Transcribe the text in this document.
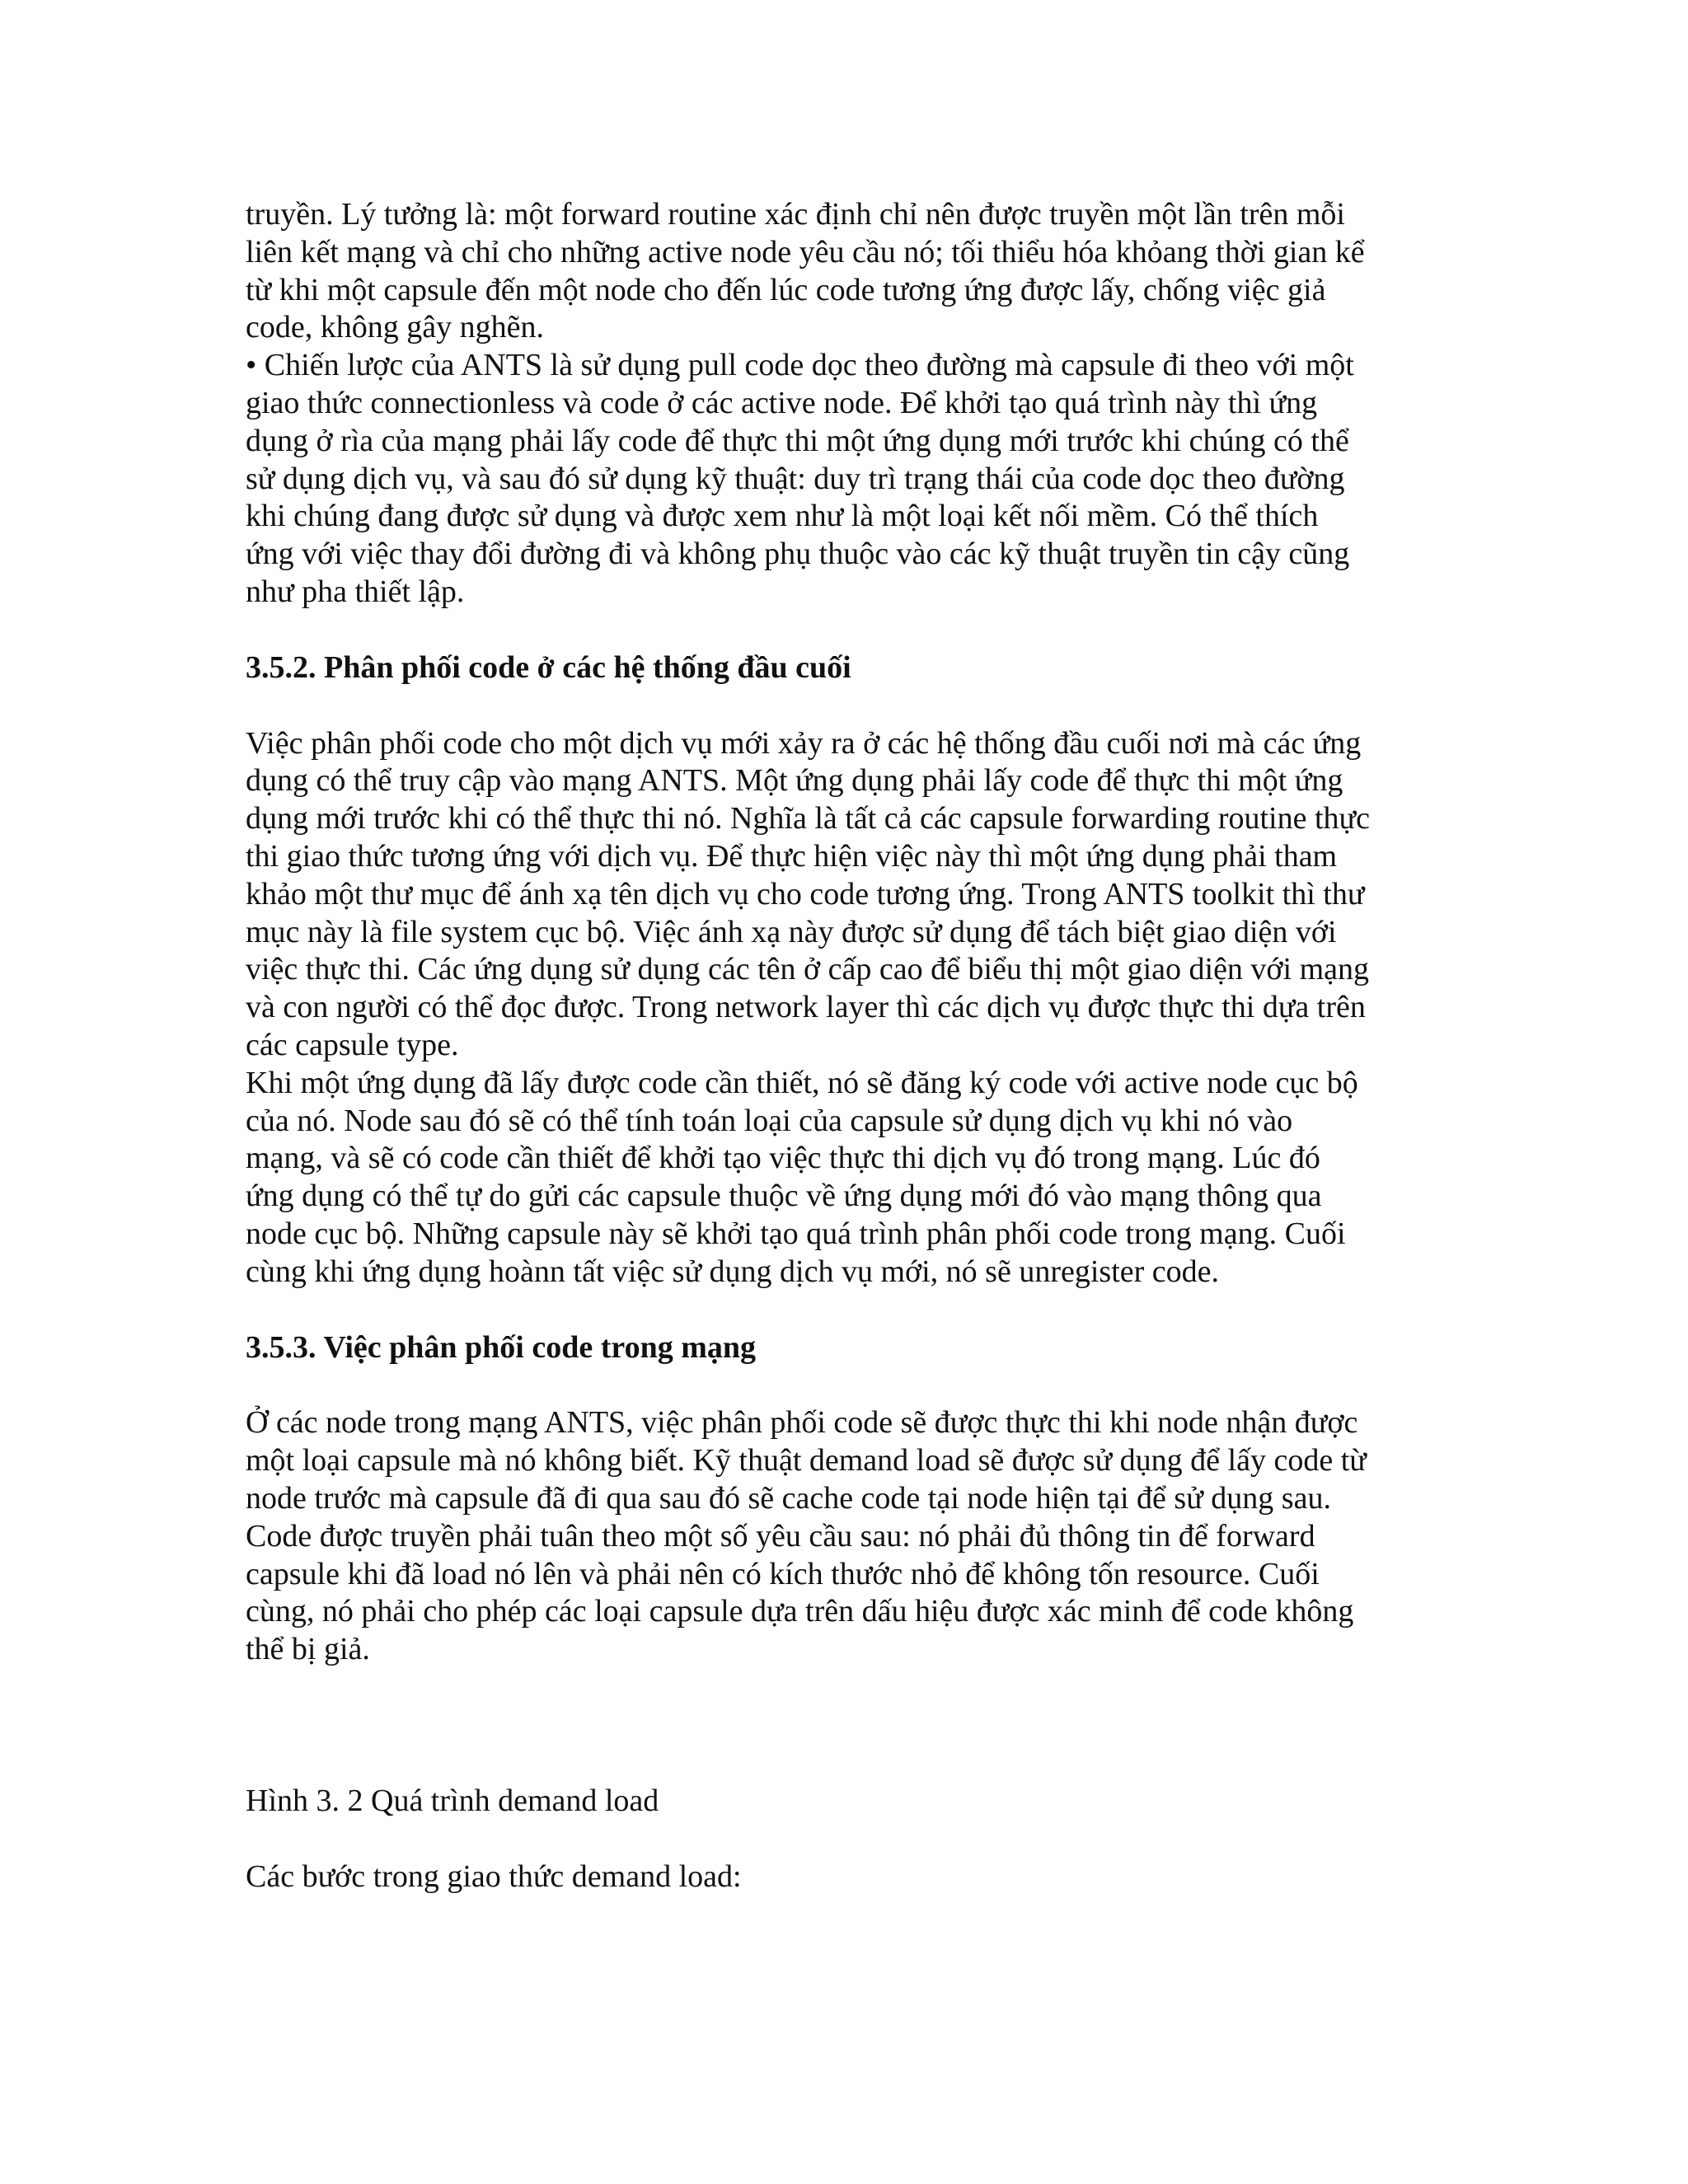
truyền. Lý tưởng là: một forward routine xác định chỉ nên được truyền một lần trên mỗi
liên kết mạng và chỉ cho những active node yêu cầu nó; tối thiểu hóa khỏang thời gian kể
từ khi một capsule đến một node cho đến lúc code tương ứng được lấy, chống việc giả
code, không gây nghẽn.

• Chiến lược của ANTS là sử dụng pull code dọc theo đường mà capsule đi theo với một
giao thức connectionless và code ở các active node. Để khởi tạo quá trình này thì ứng
dụng ở rìa của mạng phải lấy code để thực thi một ứng dụng mới trước khi chúng có thể
sử dụng dịch vụ, và sau đó sử dụng kỹ thuật: duy trì trạng thái của code dọc theo đường
khi chúng đang được sử dụng và được xem như là một loại kết nối mềm. Có thể thích
ứng với việc thay đổi đường đi và không phụ thuộc vào các kỹ thuật truyền tin cậy cũng
như pha thiết lập.

3.5.2. Phân phối code ở các hệ thống đầu cuối

Việc phân phối code cho một dịch vụ mới xảy ra ở các hệ thống đầu cuối nơi mà các ứng
dụng có thể truy cập vào mạng ANTS. Một ứng dụng phải lấy code để thực thi một ứng
dụng mới trước khi có thể thực thi nó. Nghĩa là tất cả các capsule forwarding routine thực
thi giao thức tương ứng với dịch vụ. Để thực hiện việc này thì một ứng dụng phải tham
khảo một thư mục để ánh xạ tên dịch vụ cho code tương ứng. Trong ANTS toolkit thì thư
mục này là file system cục bộ. Việc ánh xạ này được sử dụng để tách biệt giao diện với
việc thực thi. Các ứng dụng sử dụng các tên ở cấp cao để biểu thị một giao diện với mạng
và con người có thể đọc được. Trong network layer thì các dịch vụ được thực thi dựa trên
các capsule type.

Khi một ứng dụng đã lấy được code cần thiết, nó sẽ đăng ký code với active node cục bộ
của nó. Node sau đó sẽ có thể tính toán loại của capsule sử dụng dịch vụ khi nó vào
mạng, và sẽ có code cần thiết để khởi tạo việc thực thi dịch vụ đó trong mạng. Lúc đó
ứng dụng có thể tự do gửi các capsule thuộc về ứng dụng mới đó vào mạng thông qua
node cục bộ. Những capsule này sẽ khởi tạo quá trình phân phối code trong mạng. Cuối
cùng khi ứng dụng hoànn tất việc sử dụng dịch vụ mới, nó sẽ unregister code.

3.5.3. Việc phân phối code trong mạng

Ở các node trong mạng ANTS, việc phân phối code sẽ được thực thi khi node nhận được
một loại capsule mà nó không biết. Kỹ thuật demand load sẽ được sử dụng để lấy code từ
node trước mà capsule đã đi qua sau đó sẽ cache code tại node hiện tại để sử dụng sau.
Code được truyền phải tuân theo một số yêu cầu sau: nó phải đủ thông tin để forward
capsule khi đã load nó lên và phải nên có kích thước nhỏ để không tốn resource. Cuối
cùng, nó phải cho phép các loại capsule dựa trên dấu hiệu được xác minh để code không
thể bị giả.

Hình 3. 2 Quá trình demand load

Các bước trong giao thức demand load:
